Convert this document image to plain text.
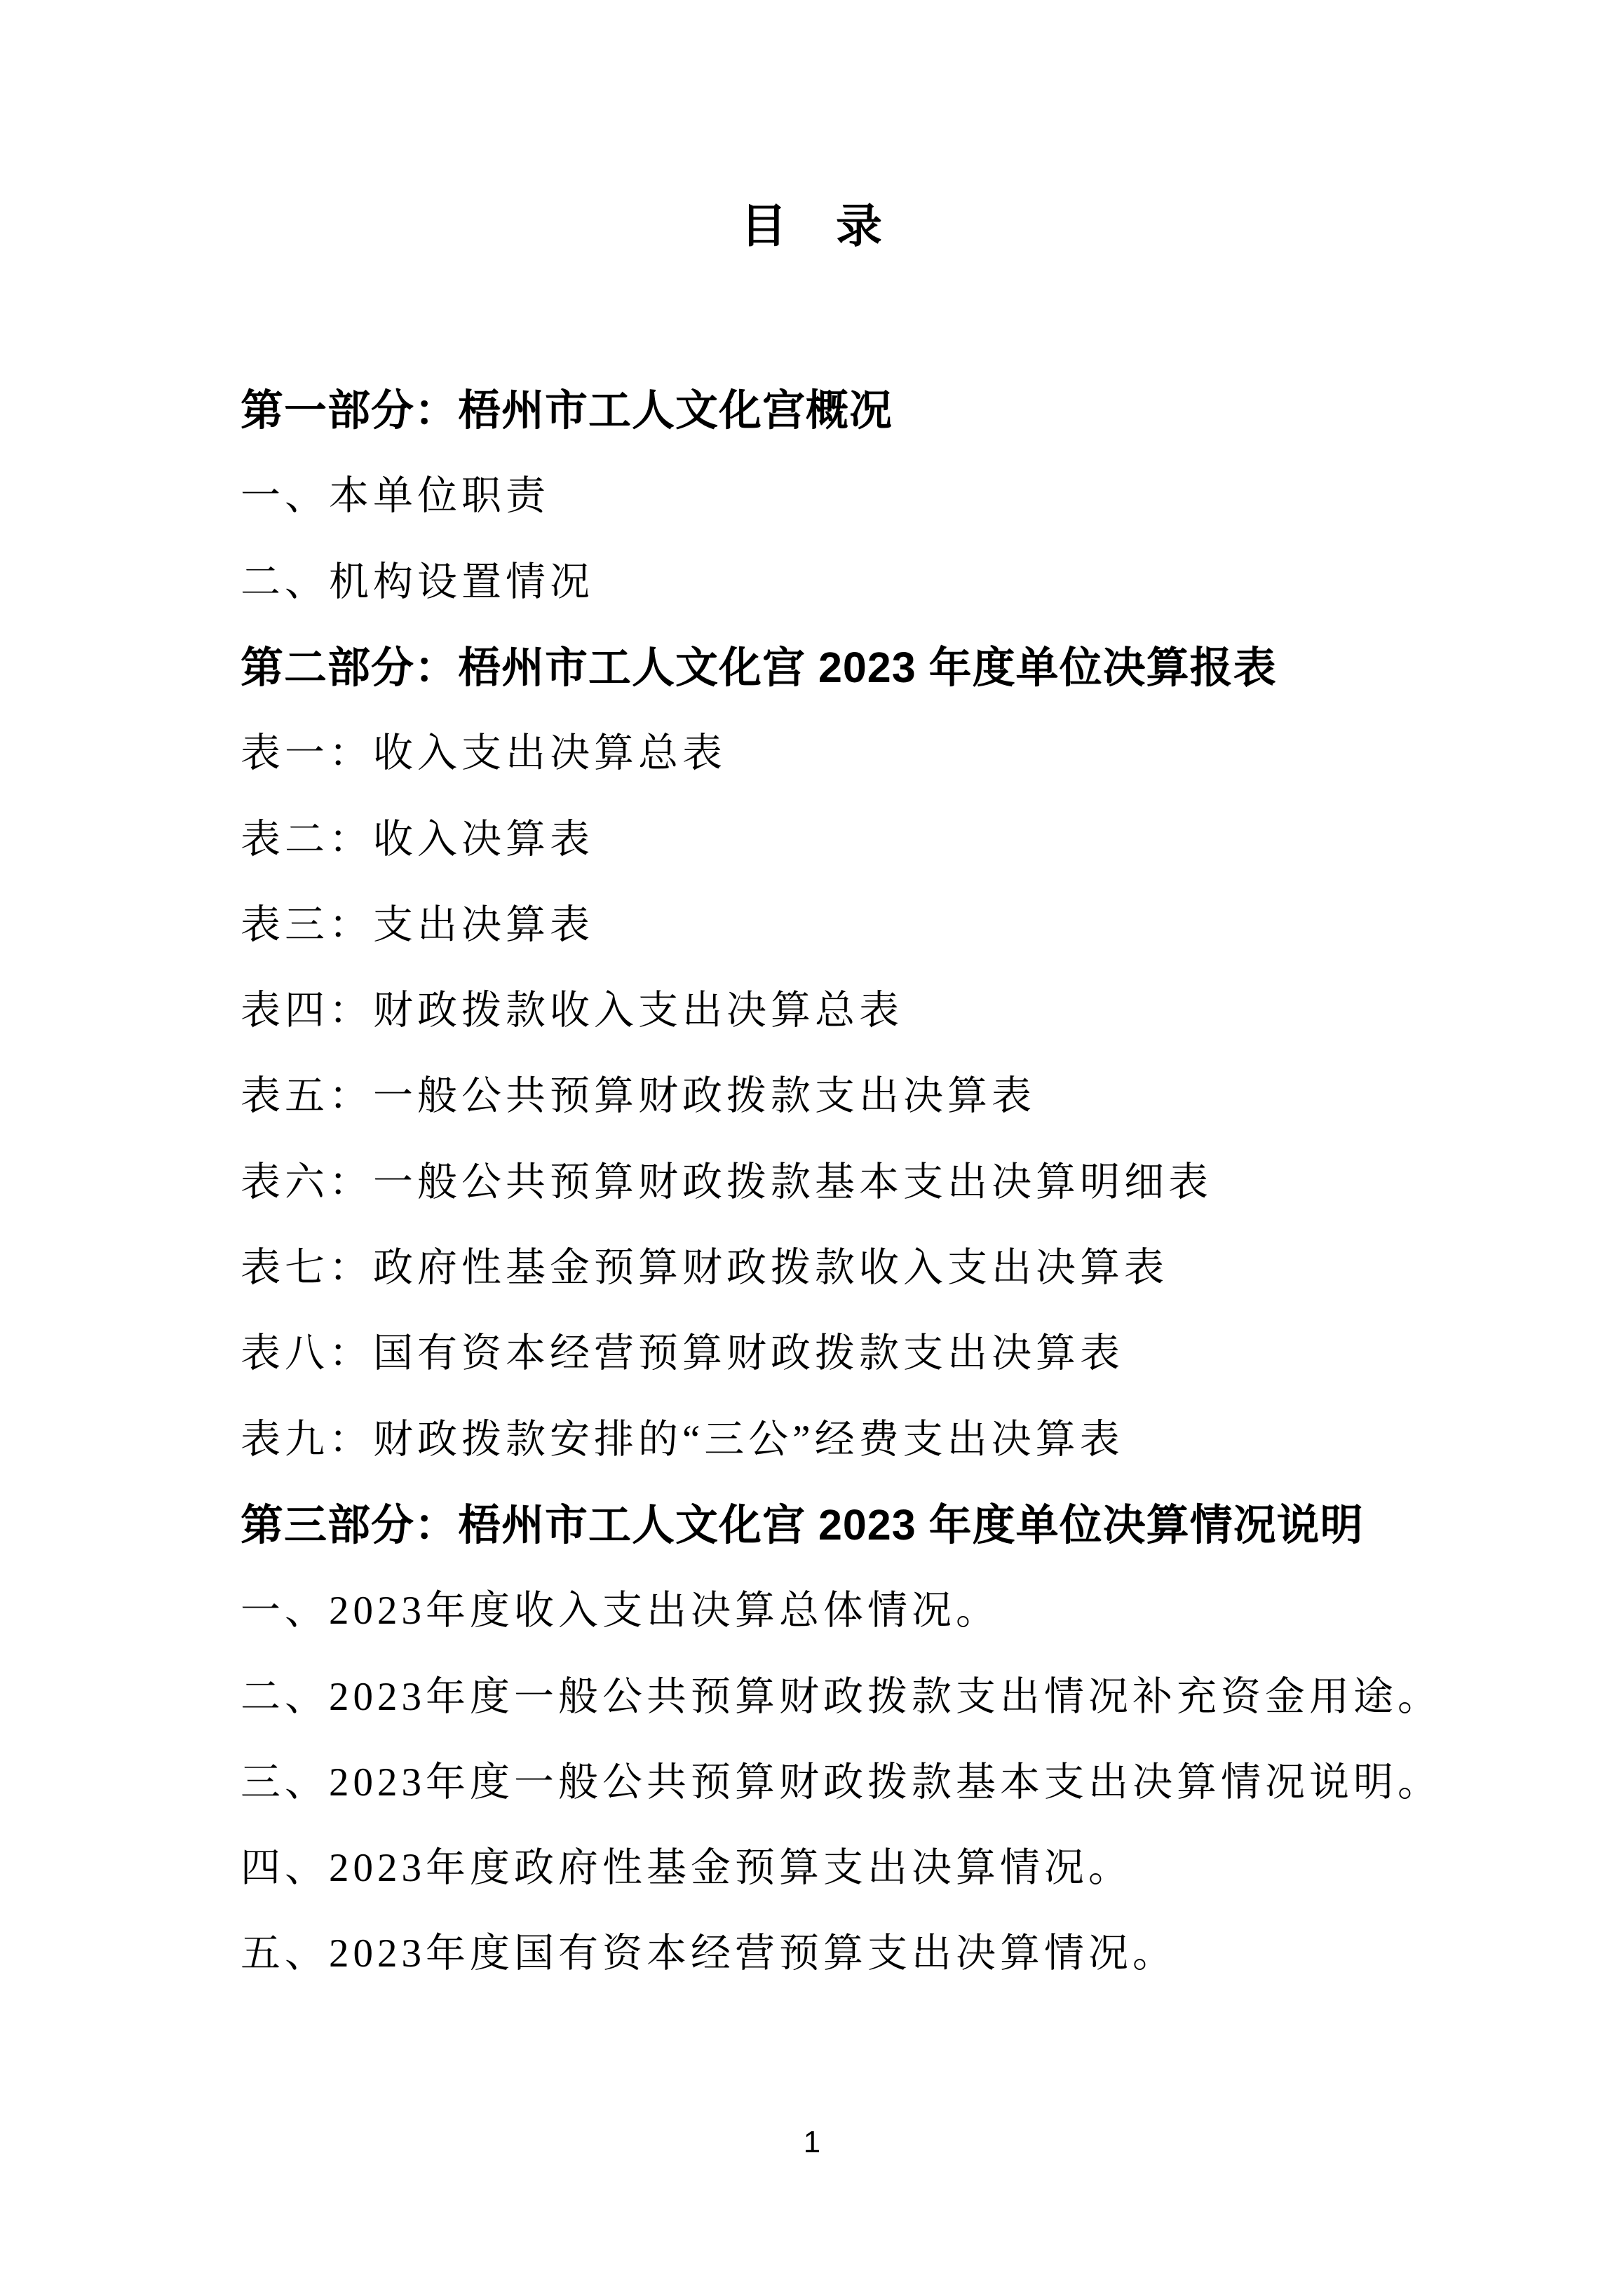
目　录
第一部分：梧州市工人文化宫概况
一、本单位职责
二、机构设置情况
第二部分：梧州市工人文化宫 2023 年度单位决算报表
表一：收入支出决算总表
表二：收入决算表
表三：支出决算表
表四：财政拨款收入支出决算总表
表五：一般公共预算财政拨款支出决算表
表六：一般公共预算财政拨款基本支出决算明细表
表七：政府性基金预算财政拨款收入支出决算表
表八：国有资本经营预算财政拨款支出决算表
表九：财政拨款安排的“三公”经费支出决算表
第三部分：梧州市工人文化宫 2023 年度单位决算情况说明
一、2023年度收入支出决算总体情况。
二、2023年度一般公共预算财政拨款支出情况补充资金用途。
三、2023年度一般公共预算财政拨款基本支出决算情况说明。
四、2023年度政府性基金预算支出决算情况。
五、2023年度国有资本经营预算支出决算情况。
1
